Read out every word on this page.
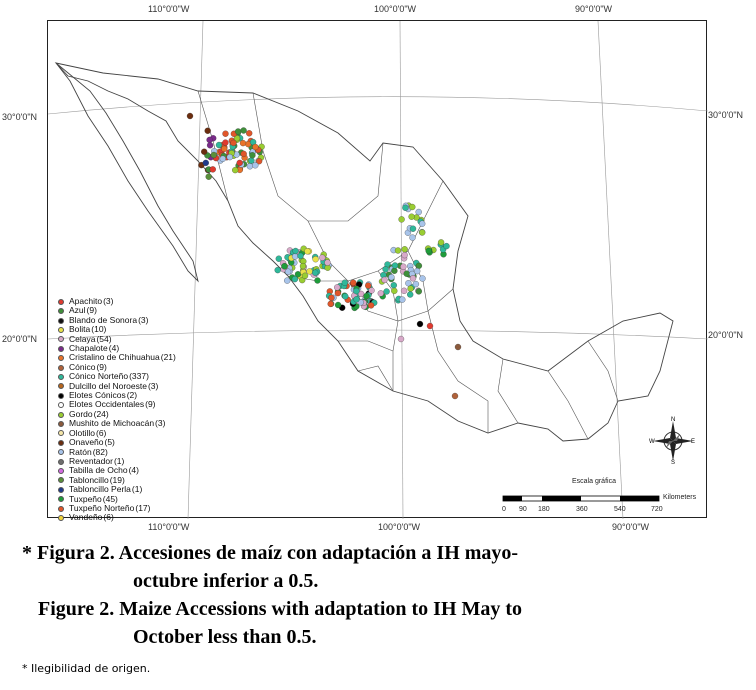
110°0'0"W	100°0'0"W	90°0'0"W
110°0'0"W	100°0'0"W	90°0'0"W
30°0'0"N
20°0'0"N
30°0'0"N
20°0'0"N
Apachito (3)
Azul (9)
Blando de Sonora (3)
Bolita (10)
Celaya (54)
Chapalote (4)
Cristalino de Chihuahua (21)
Cónico (9)
Cónico Norteño (337)
Dulcillo del Noroeste (3)
Elotes Cónicos (2)
Elotes Occidentales (9)
Gordo (24)
Mushito de Michoacán (3)
Olotillo (6)
Onaveño (5)
Ratón (82)
Reventador (1)
Tabilla de Ocho (4)
Tabloncillo (19)
Tabloncillo Perla (1)
Tuxpeño (45)
Tuxpeño Norteño (17)
Vandeño (6)
N
S
W	E
Escala gráfica
Kilometers
0 90 180	360	540	720
* Figura 2. Accesiones de maíz con adaptación a IH mayo-
octubre inferior a 0.5.
Figure 2. Maize Accessions with adaptation to IH May to
October less than 0.5.
* Ilegibilidad de origen.
